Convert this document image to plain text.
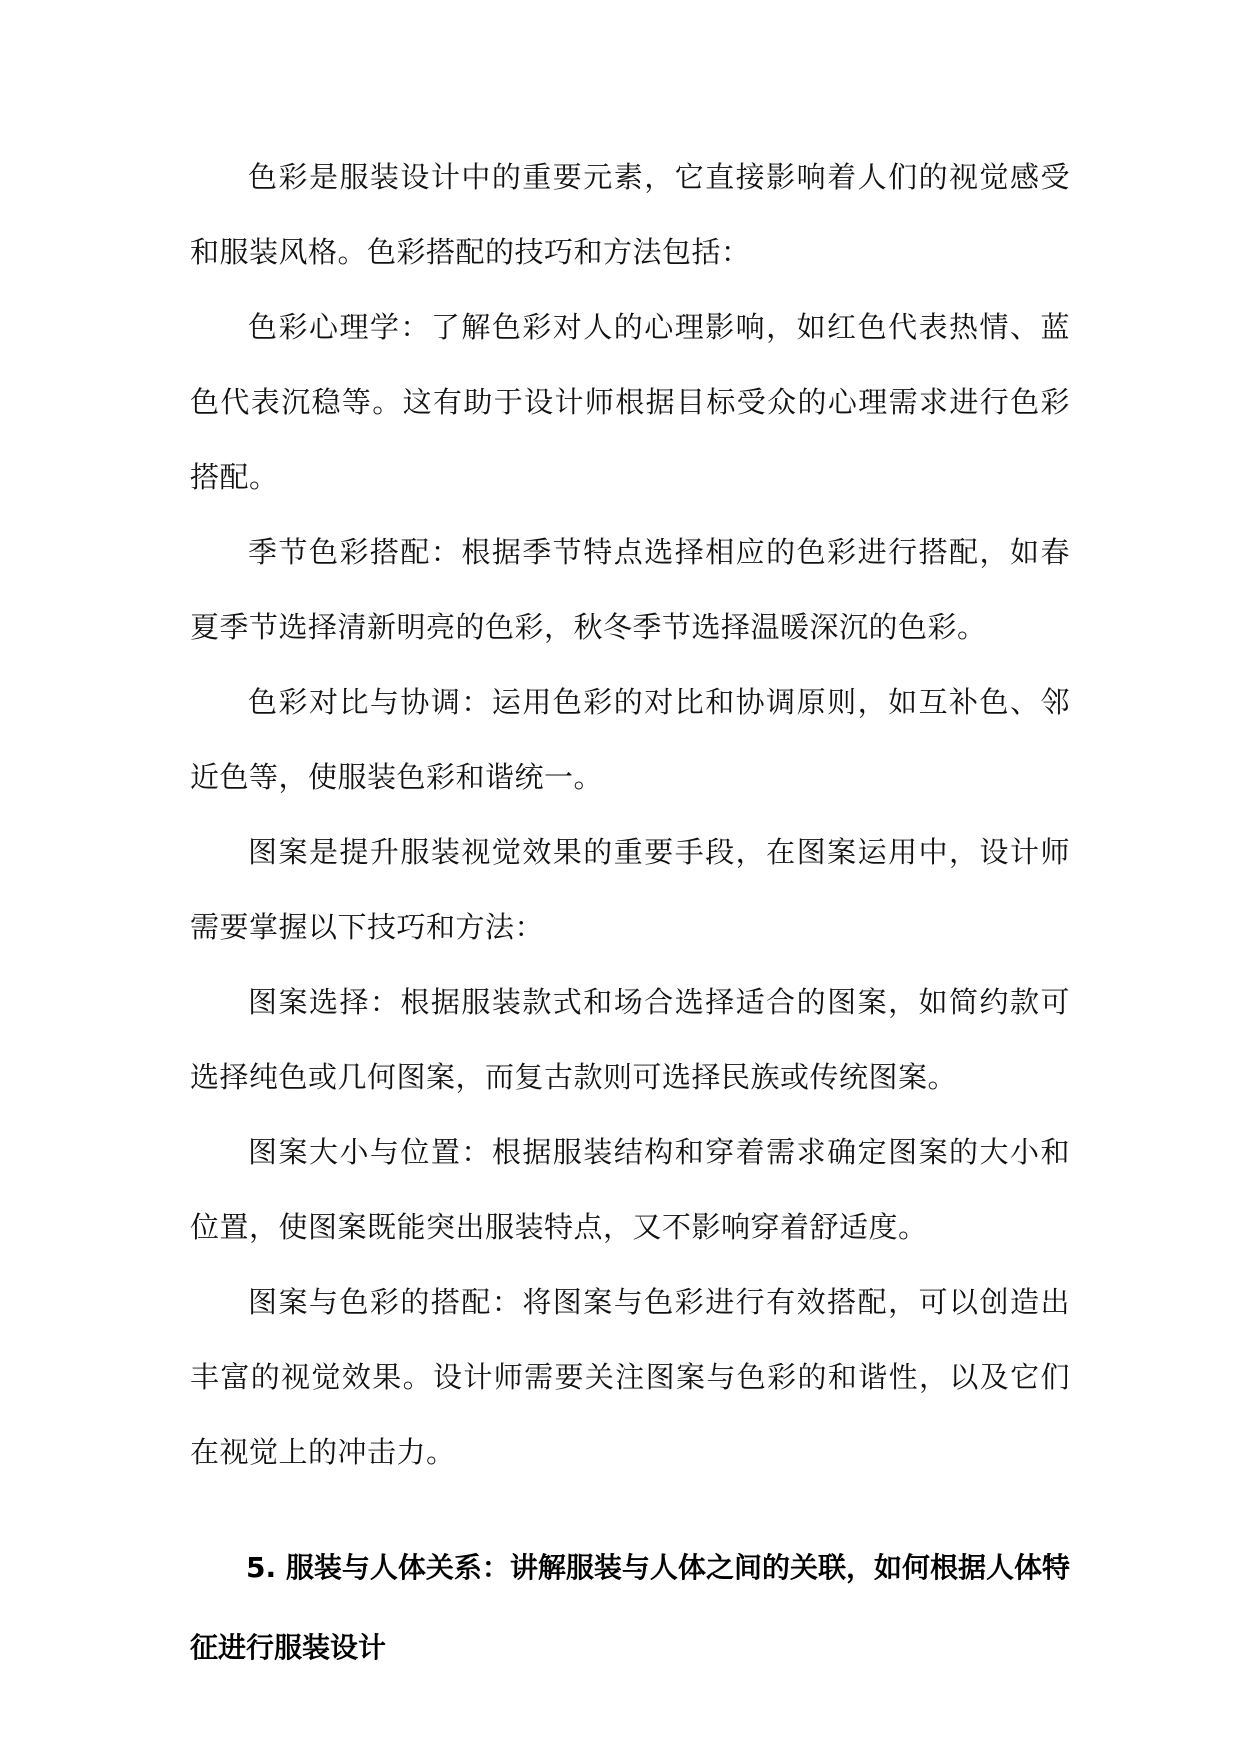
色彩是服装设计中的重要元素，它直接影响着人们的视觉感受和服装风格。色彩搭配的技巧和方法包括：

色彩心理学：了解色彩对人的心理影响，如红色代表热情、蓝色代表沉稳等。这有助于设计师根据目标受众的心理需求进行色彩搭配。

季节色彩搭配：根据季节特点选择相应的色彩进行搭配，如春夏季节选择清新明亮的色彩，秋冬季节选择温暖深沉的色彩。

色彩对比与协调：运用色彩的对比和协调原则，如互补色、邻近色等，使服装色彩和谐统一。

图案是提升服装视觉效果的重要手段，在图案运用中，设计师需要掌握以下技巧和方法：

图案选择：根据服装款式和场合选择适合的图案，如简约款可选择纯色或几何图案，而复古款则可选择民族或传统图案。

图案大小与位置：根据服装结构和穿着需求确定图案的大小和位置，使图案既能突出服装特点，又不影响穿着舒适度。

图案与色彩的搭配：将图案与色彩进行有效搭配，可以创造出丰富的视觉效果。设计师需要关注图案与色彩的和谐性，以及它们在视觉上的冲击力。

5. 服装与人体关系：讲解服装与人体之间的关联，如何根据人体特征进行服装设计
